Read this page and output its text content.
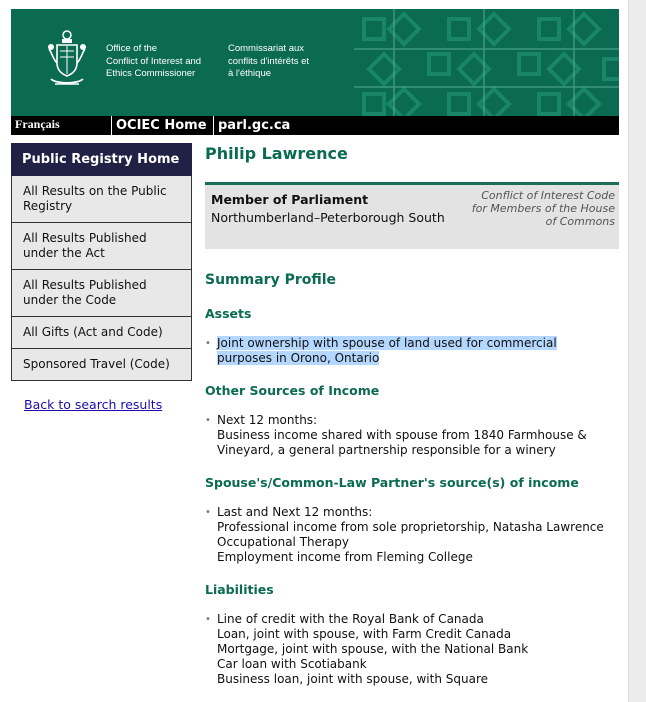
Office of the
Conflict of Interest and
Ethics Commissioner
Commissariat aux
conflits d'intérêts et
à l'éthique
Français	OCIEC Home parl.gc.ca
Public Registry Home
All Results on the Public Registry
All Results Published under the Act
All Results Published under the Code
All Gifts (Act and Code)
Sponsored Travel (Code)
Back to search results
Philip Lawrence
Member of Parliament
Northumberland–Peterborough South
Conflict of Interest Code for Members of the House of Commons
Summary Profile
Assets
• Joint ownership with spouse of land used for commercial
purposes in Orono, Ontario
Other Sources of Income
• Next 12 months:
Business income shared with spouse from 1840 Farmhouse &
Vineyard, a general partnership responsible for a winery
Spouse's/Common-Law Partner's source(s) of income
• Last and Next 12 months:
Professional income from sole proprietorship, Natasha Lawrence
Occupational Therapy
Employment income from Fleming College
Liabilities
• Line of credit with the Royal Bank of Canada
Loan, joint with spouse, with Farm Credit Canada
Mortgage, joint with spouse, with the National Bank
Car loan with Scotiabank
Business loan, joint with spouse, with Square
